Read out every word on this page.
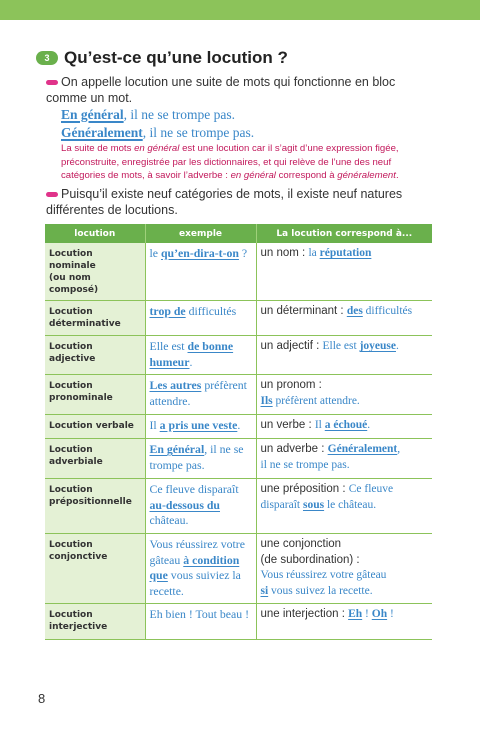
3 Qu’est-ce qu’une locution ?
On appelle locution une suite de mots qui fonctionne en bloc
comme un mot.
En général, il ne se trompe pas.
Généralement, il ne se trompe pas.
La suite de mots en général est une locution car il s’agit d’une expression figée, préconstruite, enregistrée par les dictionnaires, et qui relève de l’une des neuf catégories de mots, à savoir l’adverbe : en général correspond à généralement.
Puisqu’il existe neuf catégories de mots, il existe neuf natures
différentes de locutions.
locution	exemple	La locution correspond à...
Locution nominale
(ou nom composé)	le qu’en-dira-t-on ?	un nom : la réputation
Locution
déterminative	trop de difficultés	un déterminant : des difficultés
Locution adjective	Elle est de bonne humeur.	un adjectif : Elle est joyeuse.
Locution
pronominale	Les autres préfèrent attendre.	un pronom :
Ils préfèrent attendre.
Locution verbale	Il a pris une veste.	un verbe : Il a échoué.
Locution
adverbiale	En général, il ne se trompe pas.	un adverbe : Généralement,
il ne se trompe pas.
Locution
prépositionnelle	Ce fleuve disparaît au-dessous du château.	une préposition : Ce fleuve
disparaît sous le château.
Locution
conjonctive	Vous réussirez votre gâteau à condition que vous suiviez la recette.	une conjonction
(de subordination) :
Vous réussirez votre gâteau
si vous suivez la recette.
Locution
interjective	Eh bien ! Tout beau !	une interjection : Eh ! Oh !
8
